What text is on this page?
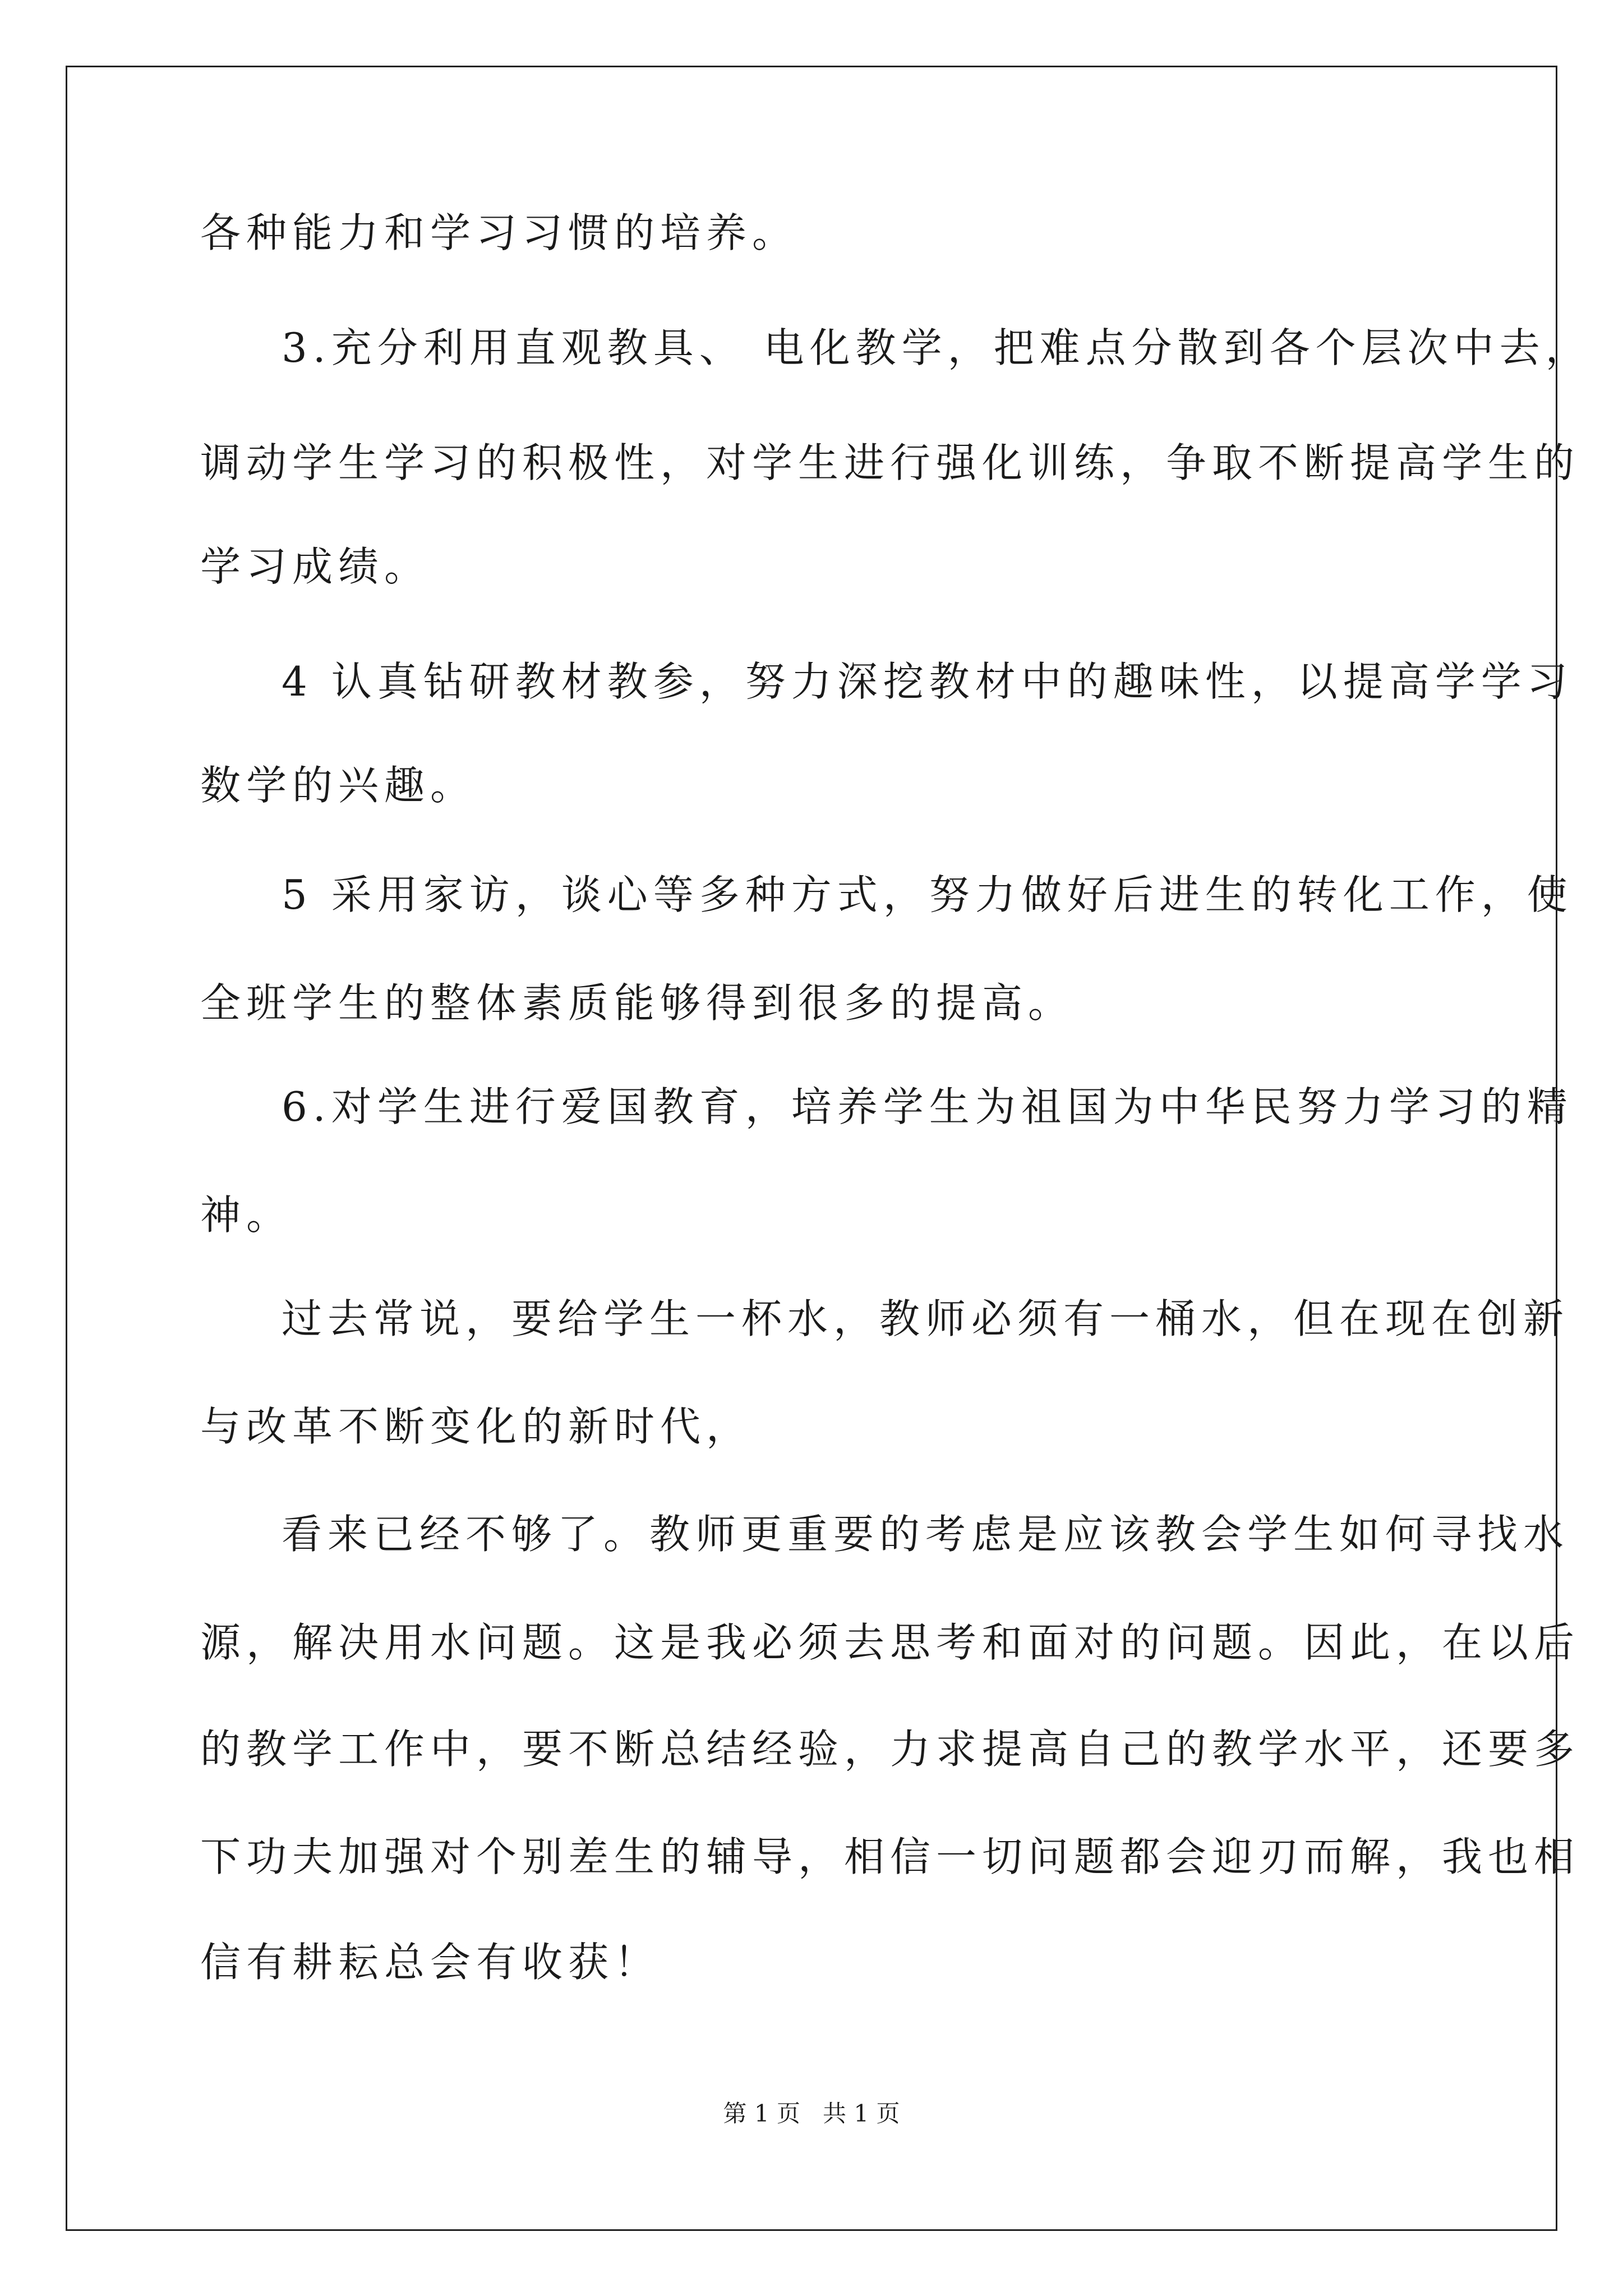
各种能力和学习习惯的培养。
3.充分利用直观教具、 电化教学，把难点分散到各个层次中去，
调动学生学习的积极性，对学生进行强化训练，争取不断提高学生的
学习成绩。
4 认真钻研教材教参，努力深挖教材中的趣味性，以提高学学习
数学的兴趣。
5 采用家访，谈心等多种方式，努力做好后进生的转化工作，使
全班学生的整体素质能够得到很多的提高。
6.对学生进行爱国教育，培养学生为祖国为中华民努力学习的精
神。
过去常说，要给学生一杯水，教师必须有一桶水，但在现在创新
与改革不断变化的新时代，
看来已经不够了。教师更重要的考虑是应该教会学生如何寻找水
源，解决用水问题。这是我必须去思考和面对的问题。因此，在以后
的教学工作中，要不断总结经验，力求提高自己的教学水平，还要多
下功夫加强对个别差生的辅导，相信一切问题都会迎刃而解，我也相
信有耕耘总会有收获！
第 1 页   共 1 页
